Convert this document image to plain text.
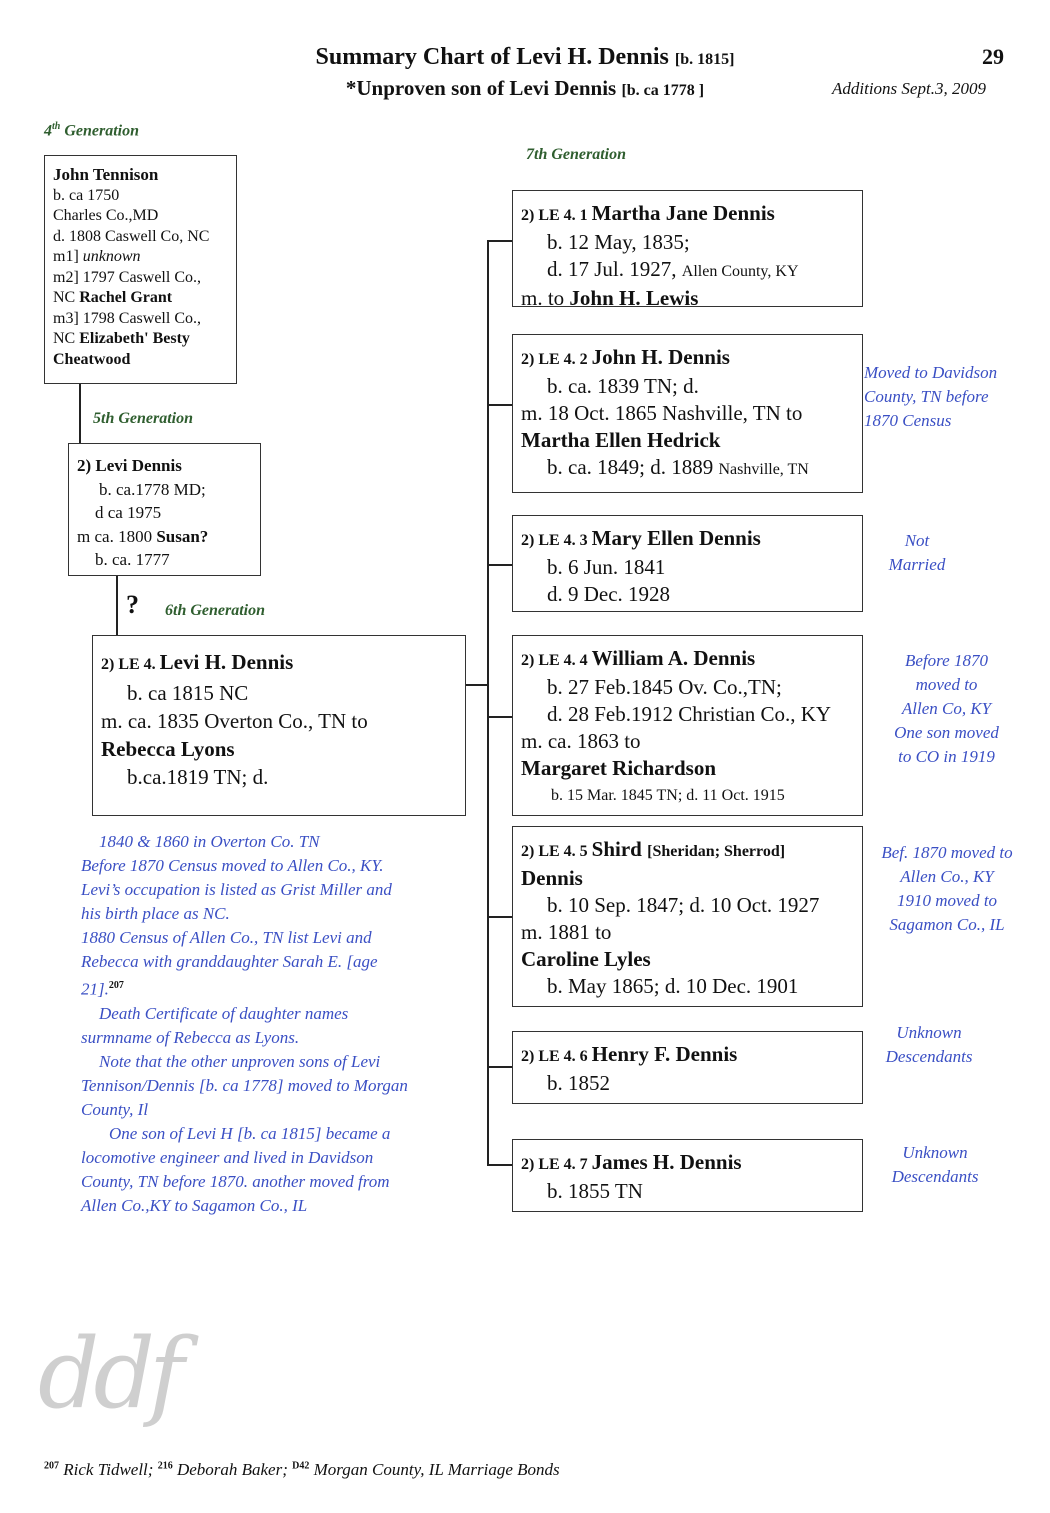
Summary Chart of Levi H. Dennis [b. 1815]
*Unproven son of Levi Dennis [b. ca 1778 ]
29
Additions Sept.3, 2009
4th Generation
5th Generation
6th Generation
7th Generation
?
John Tennison
b. ca 1750
Charles Co.,MD
d. 1808 Caswell Co, NC
m1] unknown
m2] 1797 Caswell Co.,
NC Rachel Grant
m3] 1798 Caswell Co.,
NC Elizabeth' Besty
Cheatwood
2) Levi Dennis
b. ca.1778 MD;
d ca 1975
m ca. 1800 Susan?
b. ca. 1777
2) LE 4. Levi H. Dennis
b. ca 1815 NC
m. ca. 1835 Overton Co., TN to
Rebecca Lyons
b.ca.1819 TN; d.
2) LE 4. 1 Martha Jane Dennis
b. 12 May, 1835;
d. 17 Jul. 1927, Allen County, KY
m. to John H. Lewis
2) LE 4. 2 John H. Dennis
b. ca. 1839 TN; d.
m. 18 Oct. 1865 Nashville, TN to
Martha Ellen Hedrick
b. ca. 1849; d. 1889 Nashville, TN
Moved to Davidson
County, TN before
1870 Census
2) LE 4. 3 Mary Ellen Dennis
b. 6 Jun. 1841
d. 9 Dec. 1928
Not
Married
2) LE 4. 4 William A. Dennis
b. 27 Feb.1845 Ov. Co.,TN;
d. 28 Feb.1912 Christian Co., KY
m. ca. 1863 to
Margaret Richardson
b. 15 Mar. 1845 TN; d. 11 Oct. 1915
Before 1870
moved to
Allen Co, KY
One son moved
to CO in 1919
2) LE 4. 5 Shird [Sheridan; Sherrod]
Dennis
b. 10 Sep. 1847; d. 10 Oct. 1927
m. 1881 to
Caroline Lyles
b. May 1865; d. 10 Dec. 1901
Bef. 1870 moved to
Allen Co., KY
1910 moved to
Sagamon Co., IL
2) LE 4. 6 Henry F. Dennis
b. 1852
Unknown
Descendants
2) LE 4. 7 James H. Dennis
b. 1855 TN
Unknown
Descendants
1840 & 1860 in Overton Co. TN
Before 1870 Census moved to Allen Co., KY.
Levi’s occupation is listed as Grist Miller and
his birth place as NC.
1880 Census of Allen Co., TN list Levi and
Rebecca with granddaughter Sarah E. [age
21].$^{207}$
Death Certificate of daughter names
surmname of Rebecca as Lyons.
Note that the other unproven sons of Levi
Tennison/Dennis [b. ca 1778] moved to Morgan
County, Il
One son of Levi H [b. ca 1815] became a
locomotive engineer and lived in Davidson
County, TN before 1870. another moved from
Allen Co.,KY to Sagamon Co., IL
ddf
$^{207}$ Rick Tidwell; $^{216}$ Deborah Baker; $^{D42}$ Morgan County, IL Marriage Bonds
